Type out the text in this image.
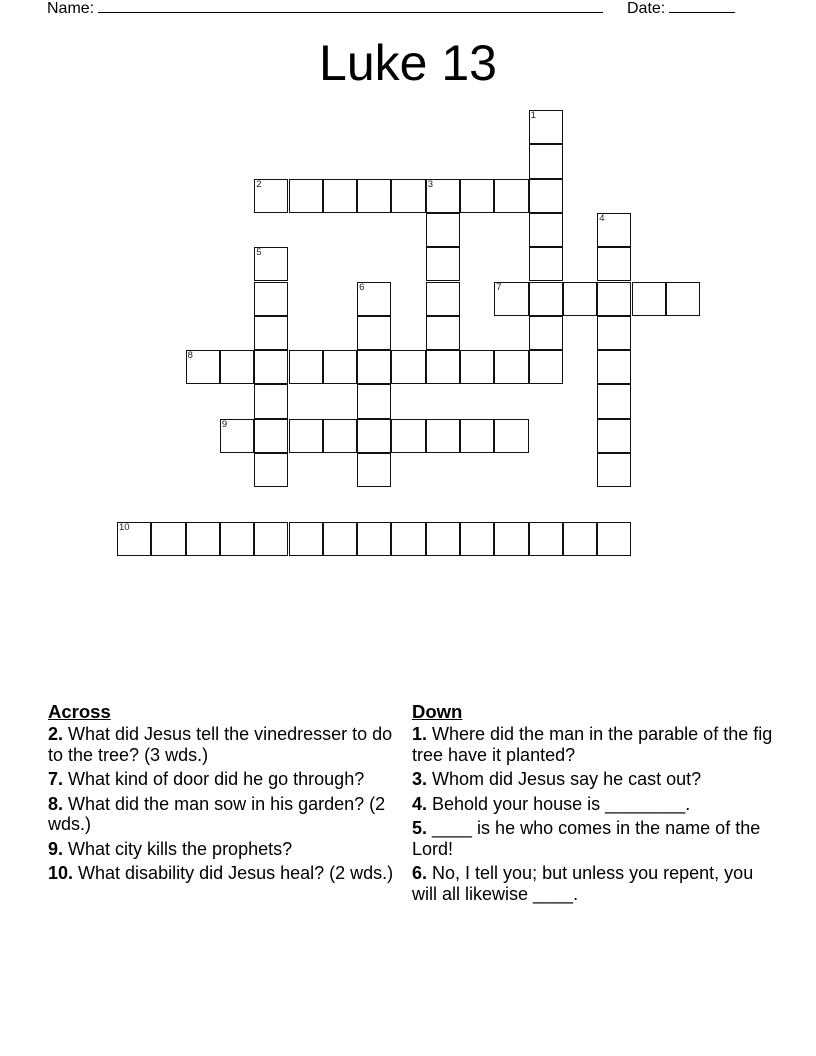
Name:	Date:
Luke 13
1
2	3
4
5
6	7
8
9
10
Across
2. What did Jesus tell the vinedresser to do to the tree? (3 wds.)
7. What kind of door did he go through?
8. What did the man sow in his garden? (2 wds.)
9. What city kills the prophets?
10. What disability did Jesus heal? (2 wds.)
Down
1. Where did the man in the parable of the fig tree have it planted?
3. Whom did Jesus say he cast out?
4. Behold your house is ________.
5. ____ is he who comes in the name of the Lord!
6. No, I tell you; but unless you repent, you will all likewise ____.
